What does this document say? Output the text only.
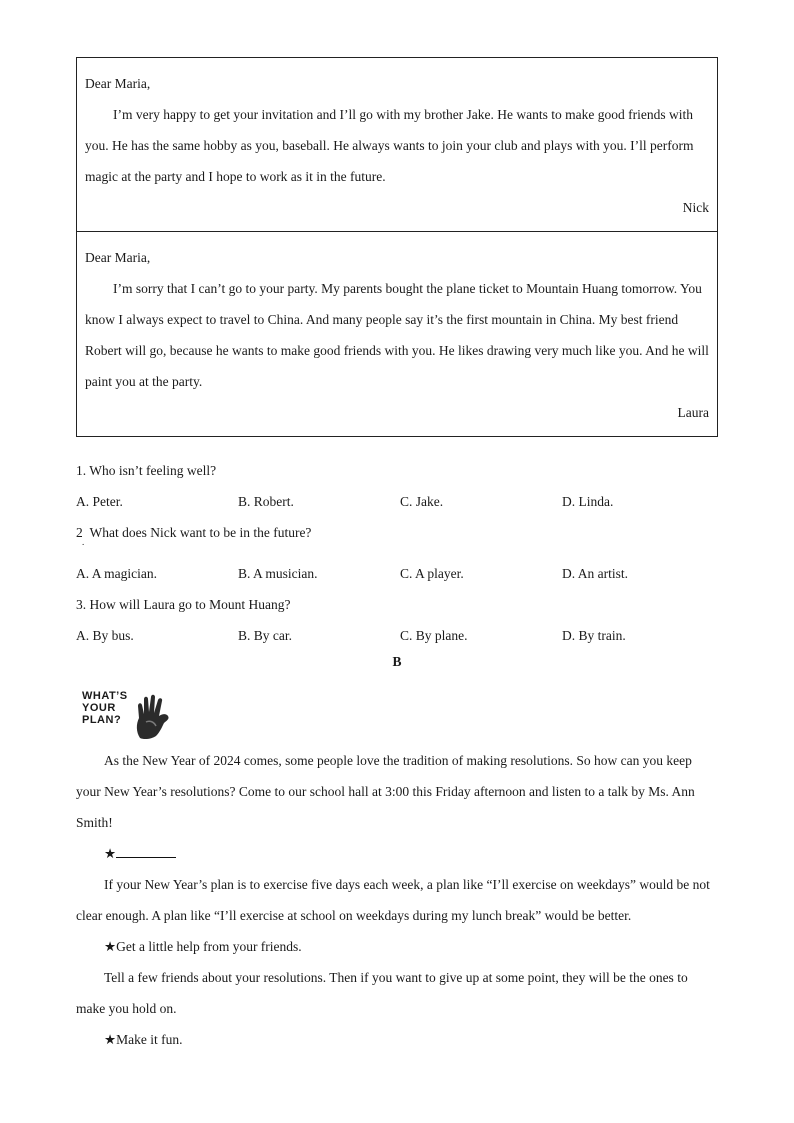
Dear Maria,

I’m very happy to get your invitation and I’ll go with my brother Jake. He wants to make good friends with you. He has the same hobby as you, baseball. He always wants to join your club and plays with you. I’ll perform magic at the party and I hope to work as it in the future.

Nick

Dear Maria,

I’m sorry that I can’t go to your party. My parents bought the plane ticket to Mountain Huang tomorrow. You know I always expect to travel to China. And many people say it’s the first mountain in China. My best friend Robert will go, because he wants to make good friends with you. He likes drawing very much like you. And he will paint you at the party.

Laura

1. Who isn’t feeling well?

A. Peter.	B. Robert.	C. Jake.	D. Linda.

2
.
What does Nick want to be in the future?

A. A magician.	B. A musician.	C. A player.	D. An artist.

3. How will Laura go to Mount Huang?

A. By bus.	B. By car.	C. By plane.	D. By train.
B
WHAT’S
YOUR
PLAN?

As the New Year of 2024 comes, some people love the tradition of making resolutions. So how can you keep your New Year’s resolutions? Come to our school hall at 3:00 this Friday afternoon and listen to a talk by Ms. Ann Smith!

★

If your New Year’s plan is to exercise five days each week, a plan like “I’ll exercise on weekdays” would be not clear enough. A plan like “I’ll exercise at school on weekdays during my lunch break” would be better.

★Get a little help from your friends.

Tell a few friends about your resolutions. Then if you want to give up at some point, they will be the ones to make you hold on.

★Make it fun.
